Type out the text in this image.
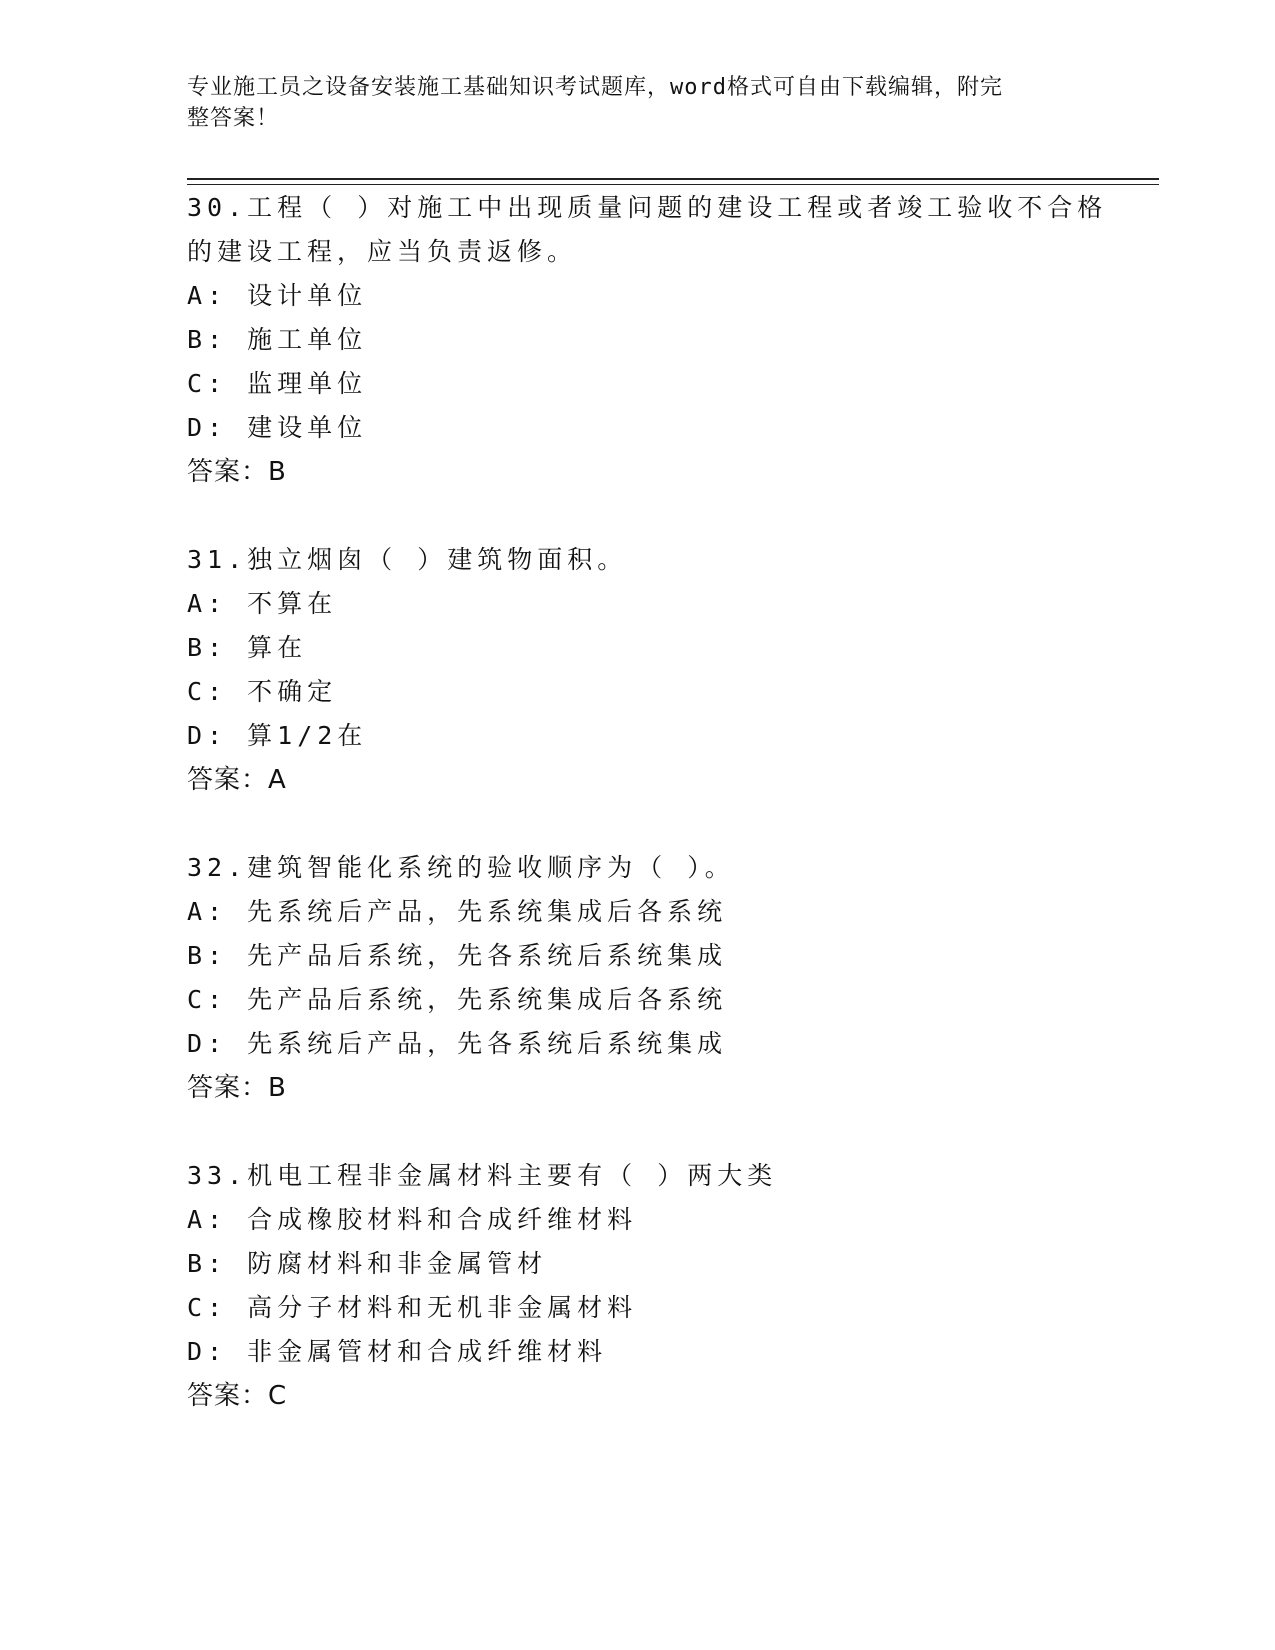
专业施工员之设备安装施工基础知识考试题库，word格式可自由下载编辑，附完
整答案！
30.工程（ ）对施工中出现质量问题的建设工程或者竣工验收不合格
的建设工程，应当负责返修。
A: 设计单位
B: 施工单位
C: 监理单位
D: 建设单位
答案：B
31.独立烟囱（ ）建筑物面积。
A: 不算在
B: 算在
C: 不确定
D: 算1/2在
答案：A
32.建筑智能化系统的验收顺序为（ ）。
A: 先系统后产品，先系统集成后各系统
B: 先产品后系统，先各系统后系统集成
C: 先产品后系统，先系统集成后各系统
D: 先系统后产品，先各系统后系统集成
答案：B
33.机电工程非金属材料主要有（ ）两大类
A: 合成橡胶材料和合成纤维材料
B: 防腐材料和非金属管材
C: 高分子材料和无机非金属材料
D: 非金属管材和合成纤维材料
答案：C
